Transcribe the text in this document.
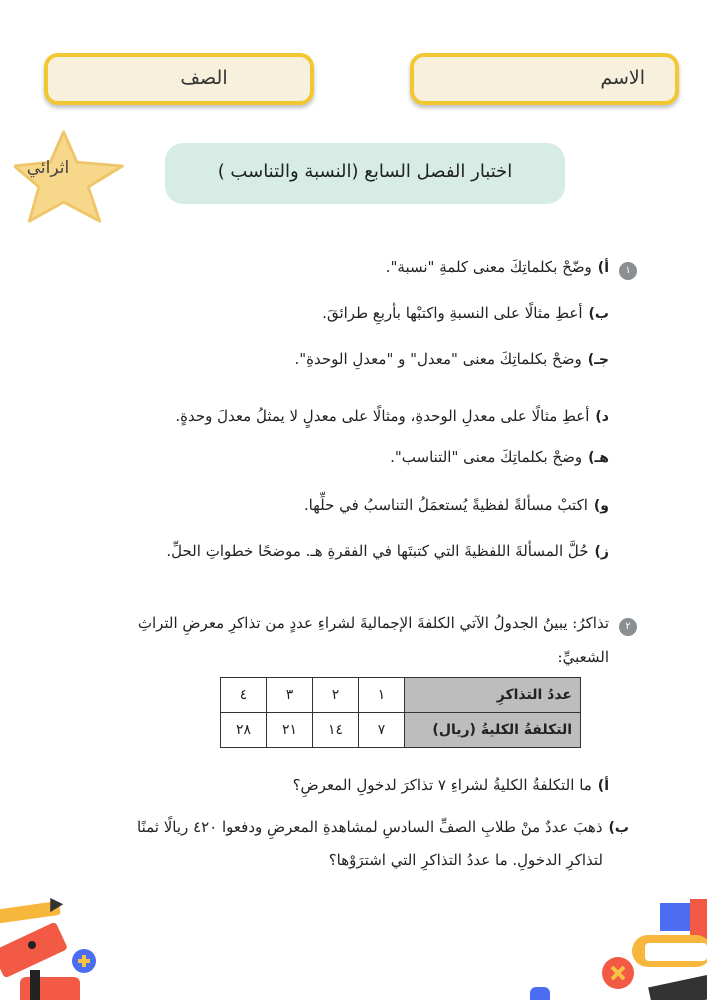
الاسم
الصف
اثرائي	اختبار الفصل السابع (النسبة والتناسب )
١
أ)وضّحْ بكلماتِكَ معنى كلمةِ "نسبة".
ب)أعطِ مثالًا على النسبةِ واكتبْها بأربعِ طرائقَ.
جـ)وضحْ بكلماتِكَ معنى "معدل" و "معدلِ الوحدةِ".
د)أعطِ مثالًا على معدلِ الوحدةِ، ومثالًا على معدلٍ لا يمثلُ معدلَ وحدةٍ.
هـ)وضحْ بكلماتِكَ معنى "التناسب".
و)اكتبْ مسألةً لفظيةً يُستعمَلُ التناسبُ في حلِّها.
ز)حُلَّ المسألةَ اللفظيةَ التي كتبتَها في الفقرةِ هـ. موضحًا خطواتِ الحلِّ.
٢
تذاكرُ: يبينُ الجدولُ الآتي الكلفةَ الإجماليةَ لشراءِ عددٍ من تذاكرِ معرضِ التراثِ الشعبيِّ:
عددُ التذاكرِ	١	٢	٣	٤
التكلفةُ الكليةُ (ريال)	٧	١٤	٢١	٢٨
أ)ما التكلفةُ الكليةُ لشراءِ ٧ تذاكرَ لدخولِ المعرضِ؟
ب)ذهبَ عددٌ منْ طلابِ الصفِّ السادسِ لمشاهدةِ المعرضِ ودفعوا ٤٢٠ ريالًا ثمنًا
لتذاكرِ الدخولِ. ما عددُ التذاكرِ التي اشترَوْها؟
